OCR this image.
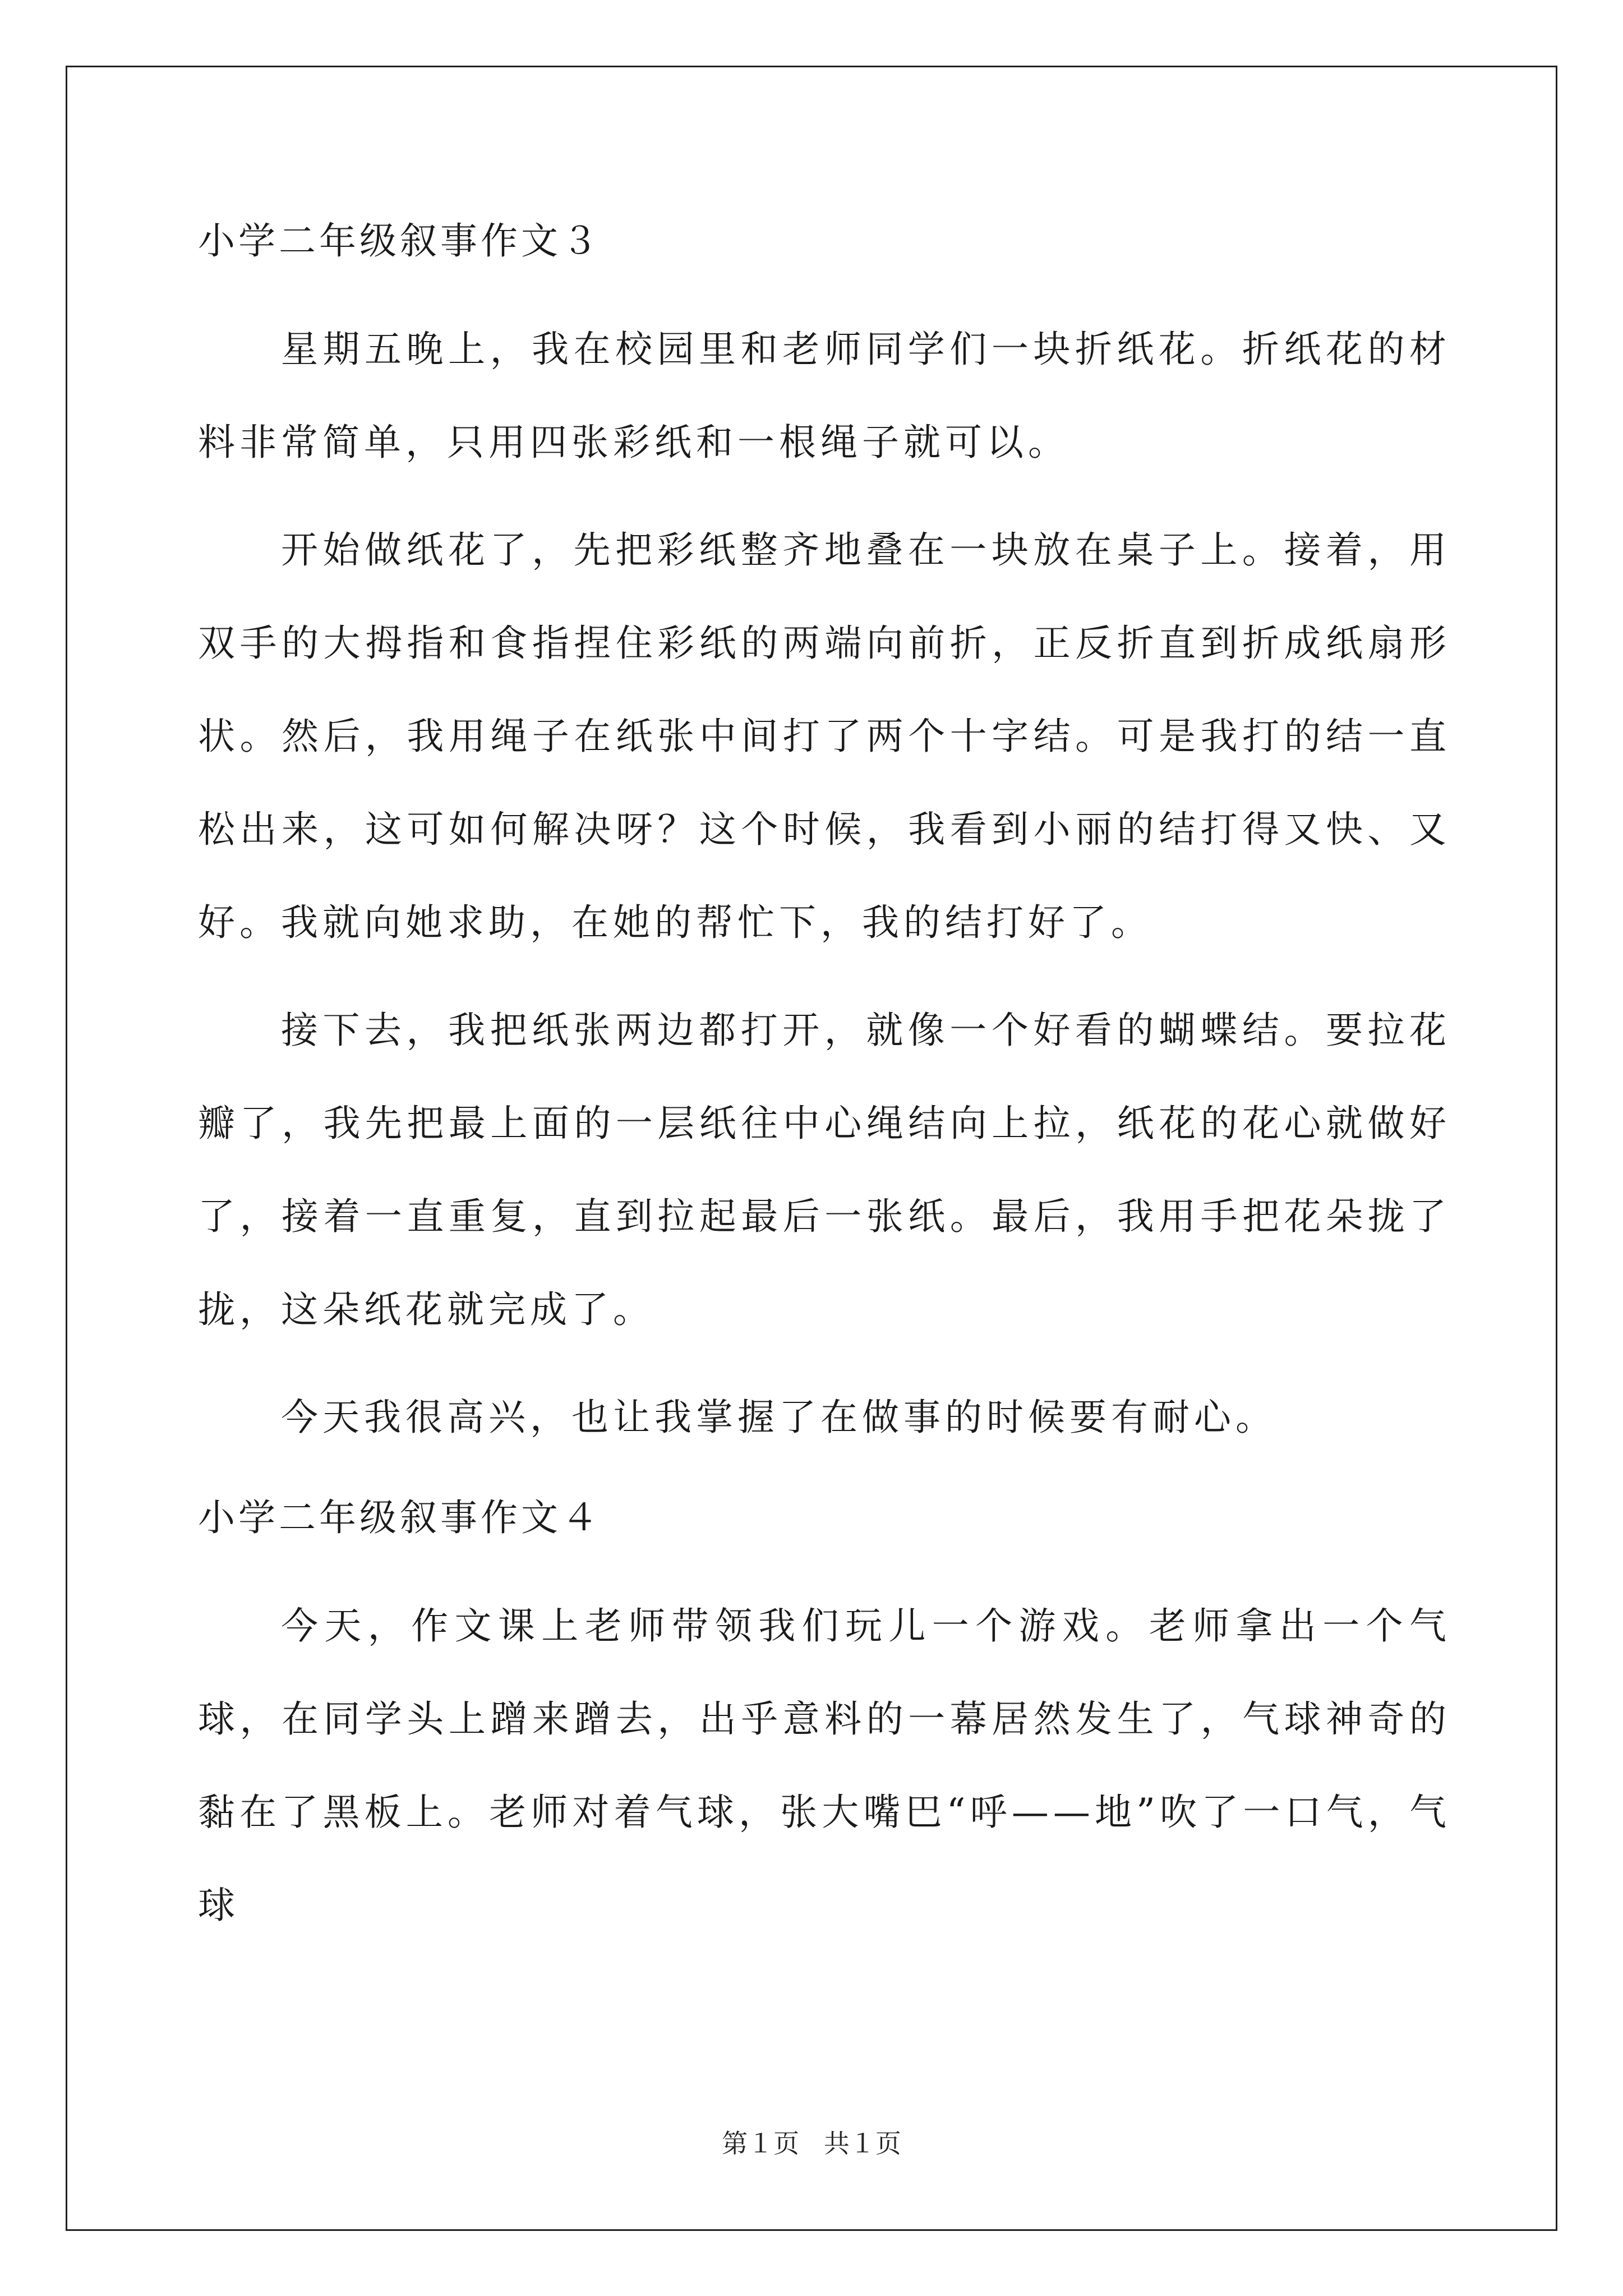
小学二年级叙事作文３

星期五晚上，我在校园里和老师同学们一块折纸花。折纸花的材料非常简单，只用四张彩纸和一根绳子就可以。

开始做纸花了，先把彩纸整齐地叠在一块放在桌子上。接着，用双手的大拇指和食指捏住彩纸的两端向前折，正反折直到折成纸扇形状。然后，我用绳子在纸张中间打了两个十字结。可是我打的结一直松出来，这可如何解决呀？这个时候，我看到小丽的结打得又快、又好。我就向她求助，在她的帮忙下，我的结打好了。

接下去，我把纸张两边都打开，就像一个好看的蝴蝶结。要拉花瓣了，我先把最上面的一层纸往中心绳结向上拉，纸花的花心就做好了，接着一直重复，直到拉起最后一张纸。最后，我用手把花朵拢了拢，这朵纸花就完成了。

今天我很高兴，也让我掌握了在做事的时候要有耐心。

小学二年级叙事作文４

今天，作文课上老师带领我们玩儿一个游戏。老师拿出一个气球，在同学头上蹭来蹭去，出乎意料的一幕居然发生了，气球神奇的黏在了黑板上。老师对着气球，张大嘴巴“呼——地”吹了一口气，气球

第１页   共１页
